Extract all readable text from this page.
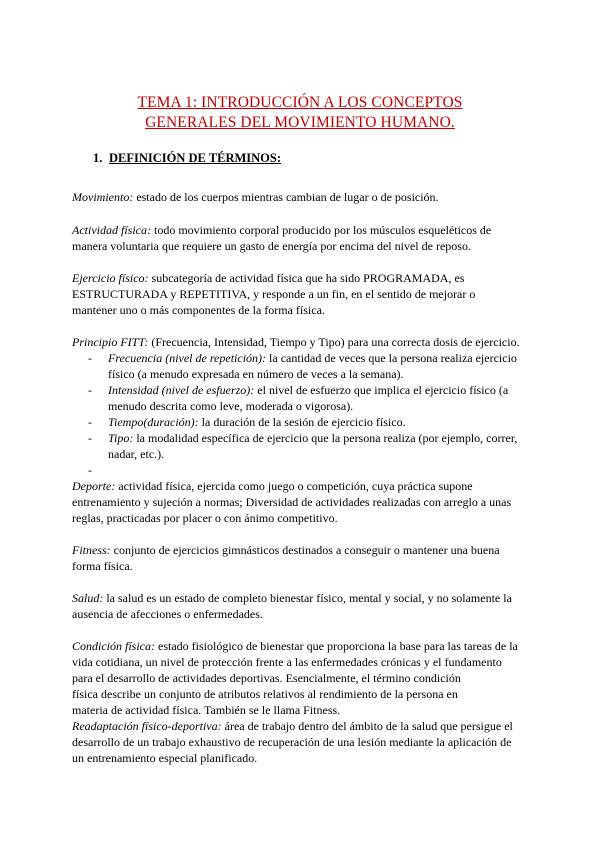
TEMA 1: INTRODUCCIÓN A LOS CONCEPTOS
GENERALES DEL MOVIMIENTO HUMANO.
1. DEFINICIÓN DE TÉRMINOS:
Movimiento: estado de los cuerpos mientras cambian de lugar o de posición.
Actividad física: todo movimiento corporal producido por los músculos esqueléticos de
manera voluntaria que requiere un gasto de energía por encima del nivel de reposo.
Ejercicio físico: subcategoría de actividad física que ha sido PROGRAMADA, es
ESTRUCTURADA y REPETITIVA, y responde a un fin, en el sentido de mejorar o
mantener uno o más componentes de la forma física.
Principio FITT: (Frecuencia, Intensidad, Tiempo y Tipo) para una correcta dosis de ejercicio.
- Frecuencia (nivel de repetición): la cantidad de veces que la persona realiza ejercicio
físico (a menudo expresada en número de veces a la semana).
- Intensidad (nivel de esfuerzo): el nivel de esfuerzo que implica el ejercicio físico (a
menudo descrita como leve, moderada o vigorosa).
- Tiempo(duración): la duración de la sesión de ejercicio físico.
- Tipo: la modalidad específica de ejercicio que la persona realiza (por ejemplo, correr,
nadar, etc.).
-

Deporte: actividad física, ejercida como juego o competición, cuya práctica supone
entrenamiento y sujeción a normas; Diversidad de actividades realizadas con arreglo a unas
reglas, practicadas por placer o con ánimo competitivo.
Fitness: conjunto de ejercicios gimnásticos destinados a conseguir o mantener una buena
forma física.
Salud: la salud es un estado de completo bienestar físico, mental y social, y no solamente la
ausencia de afecciones o enfermedades.
Condición física: estado fisiológico de bienestar que proporciona la base para las tareas de la
vida cotidiana, un nivel de protección frente a las enfermedades crónicas y el fundamento
para el desarrollo de actividades deportivas. Esencialmente, el término condición
física describe un conjunto de atributos relativos al rendimiento de la persona en
materia de actividad física. También se le llama Fitness.
Readaptación físico-deportiva: área de trabajo dentro del ámbito de la salud que persigue el
desarrollo de un trabajo exhaustivo de recuperación de una lesión mediante la aplicación de
un entrenamiento especial planificado.
